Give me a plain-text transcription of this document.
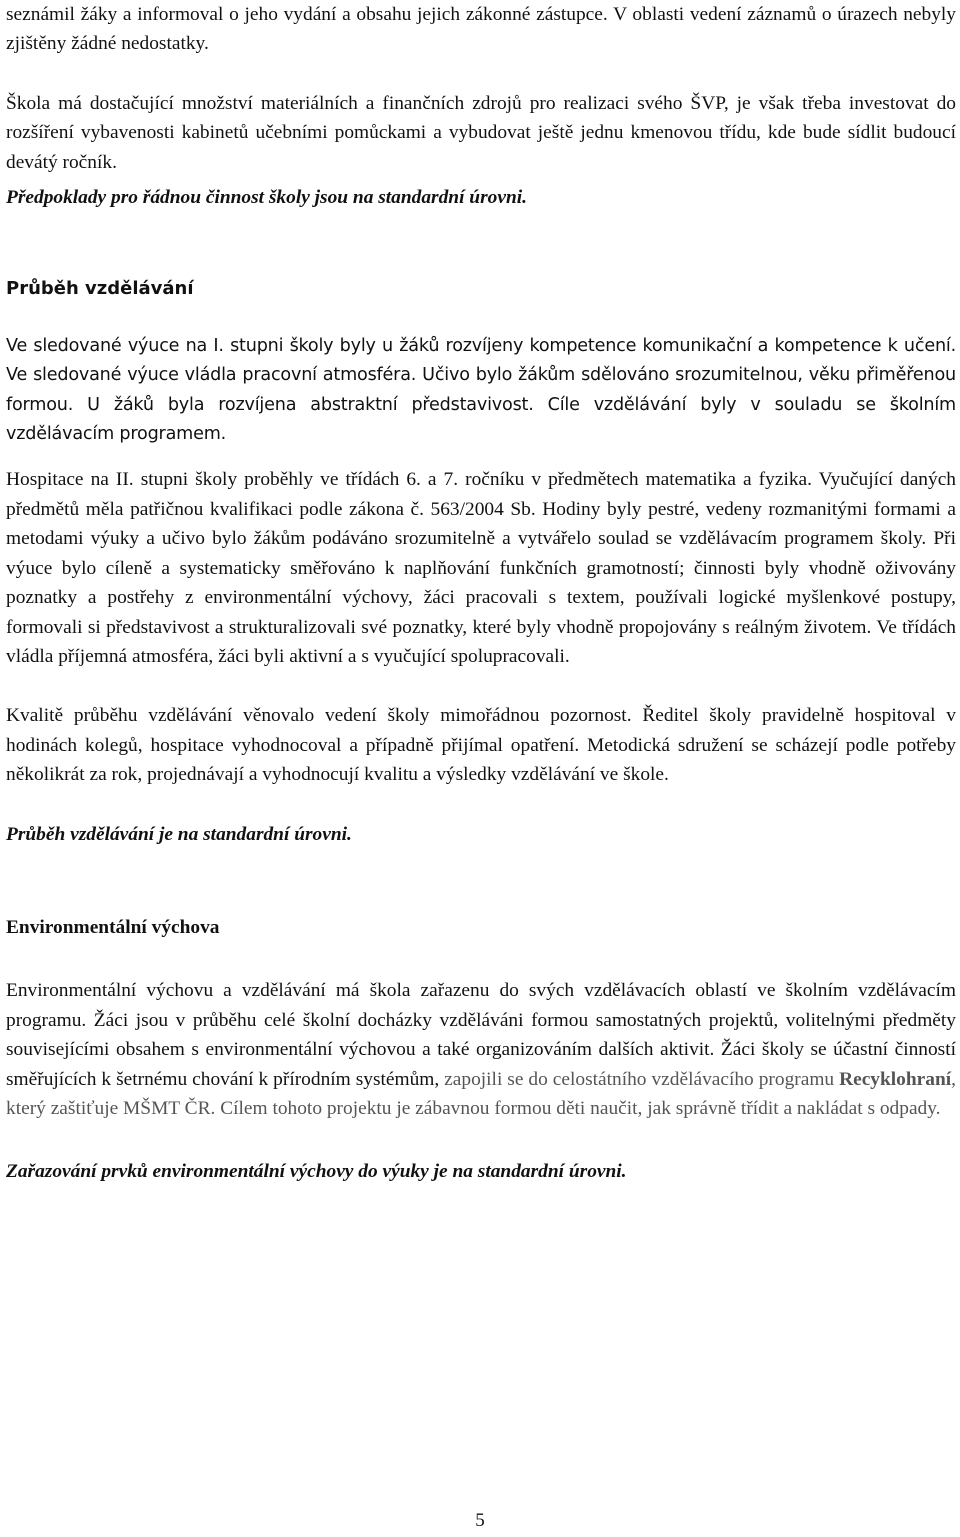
seznámil žáky a informoval o jeho vydání a obsahu jejich zákonné zástupce. V oblasti vedení záznamů o úrazech nebyly zjištěny žádné nedostatky.

Škola má dostačující množství materiálních a finančních zdrojů pro realizaci svého ŠVP, je však třeba investovat do rozšíření vybavenosti kabinetů učebními pomůckami a vybudovat ještě jednu kmenovou třídu, kde bude sídlit budoucí devátý ročník.

Předpoklady pro řádnou činnost školy jsou na standardní úrovni.

Průběh vzdělávání

Ve sledované výuce na I. stupni školy byly u žáků rozvíjeny kompetence komunikační a kompetence k učení. Ve sledované výuce vládla pracovní atmosféra. Učivo bylo žákům sdělováno srozumitelnou, věku přiměřenou formou. U žáků byla rozvíjena abstraktní představivost. Cíle vzdělávání byly v souladu se školním vzdělávacím programem.

Hospitace na II. stupni školy proběhly ve třídách 6. a 7. ročníku v předmětech matematika a fyzika. Vyučující daných předmětů měla patřičnou kvalifikaci podle zákona č. 563/2004 Sb. Hodiny byly pestré, vedeny rozmanitými formami a metodami výuky a učivo bylo žákům podáváno srozumitelně a vytvářelo soulad se vzdělávacím programem školy. Při výuce bylo cíleně a systematicky směřováno k naplňování funkčních gramotností; činnosti byly vhodně oživovány poznatky a postřehy z environmentální výchovy, žáci pracovali s textem, používali logické myšlenkové postupy, formovali si představivost a strukturalizovali své poznatky, které byly vhodně propojovány s reálným životem. Ve třídách vládla příjemná atmosféra, žáci byli aktivní a s vyučující spolupracovali.

Kvalitě průběhu vzdělávání věnovalo vedení školy mimořádnou pozornost. Ředitel školy pravidelně hospitoval v hodinách kolegů, hospitace vyhodnocoval a případně přijímal opatření. Metodická sdružení se scházejí podle potřeby několikrát za rok, projednávají a vyhodnocují kvalitu a výsledky vzdělávání ve škole.

Průběh vzdělávání je na standardní úrovni.

Environmentální výchova

Environmentální výchovu a vzdělávání má škola zařazenu do svých vzdělávacích oblastí ve školním vzdělávacím programu. Žáci jsou v průběhu celé školní docházky vzděláváni formou samostatných projektů, volitelnými předměty souvisejícími obsahem s environmentální výchovou a také organizováním dalších aktivit. Žáci školy se účastní činností směřujících k šetrnému chování k přírodním systémům, zapojili se do celostátního vzdělávacího programu Recyklohraní, který zaštiťuje MŠMT ČR. Cílem tohoto projektu je zábavnou formou děti naučit, jak správně třídit a nakládat s odpady.

Zařazování prvků environmentální výchovy do výuky je na standardní úrovni.

5
